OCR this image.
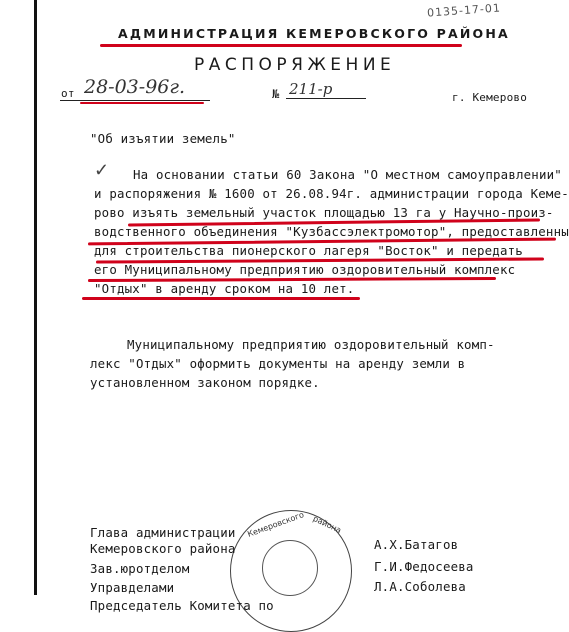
0135-17-01
АДМИНИСТРАЦИЯ КЕМЕРОВСКОГО РАЙОНА
РАСПОРЯЖЕНИЕ
от 28-03-96г.	№ 211-р	г. Кемерово
"Об изъятии земель"
✓ На основании статьи 60 Закона "О местном самоуправлении"
и распоряжения № 1600 от 26.08.94г. администрации города Кеме-
рово изъять земельный участок площадью 13 га у Научно-произ-
водственного объединения "Кузбассэлектромотор", предоставленны
для строительства пионерского лагеря "Восток" и передать
его Муниципальному предприятию оздоровительный комплекс
"Отдых" в аренду сроком на 10 лет.
Муниципальному предприятию оздоровительный комп-
лекс "Отдых" оформить документы на аренду земли в
установленном законом порядке.
Кемеровского района
Глава администрации
Кемеровского района	А.Х.Батагов
Зав.юротделом	Г.И.Федосеева
Управделами	Л.А.Соболева
Председатель Комитета по
